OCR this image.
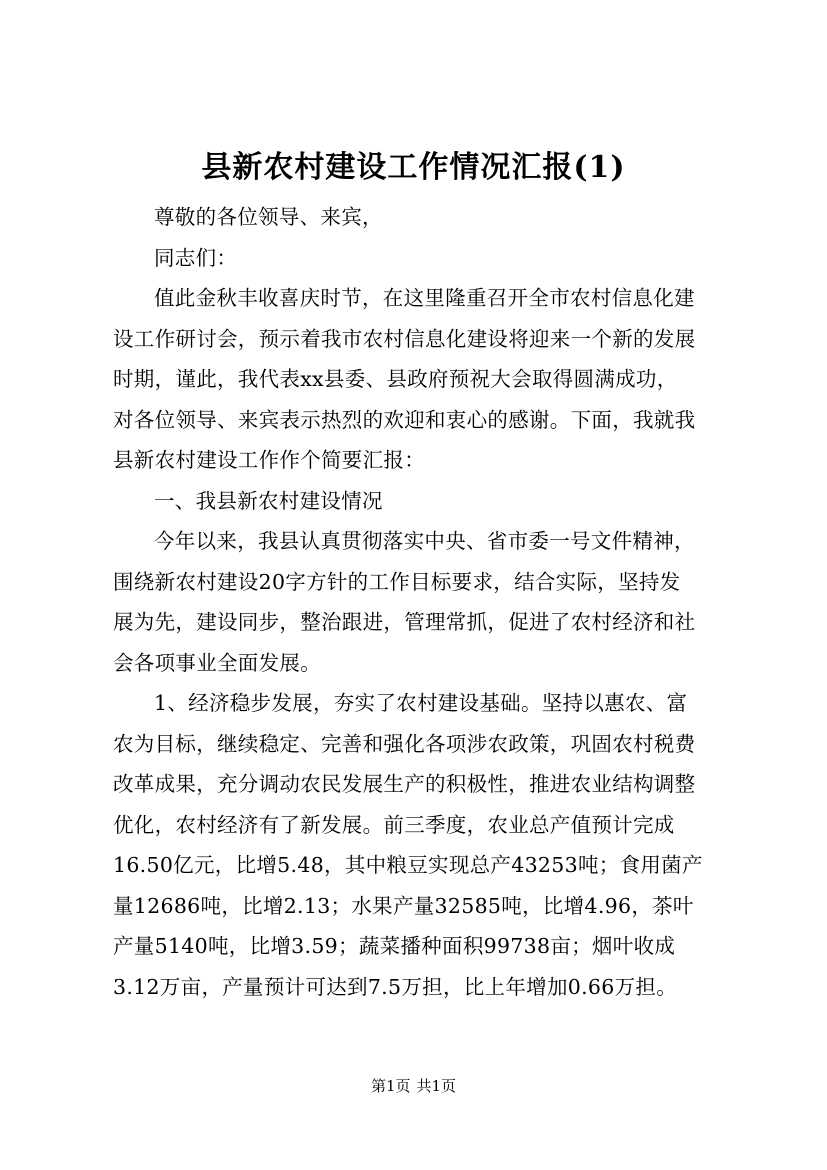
县新农村建设工作情况汇报(1)

尊敬的各位领导、来宾，

同志们：

值此金秋丰收喜庆时节，在这里隆重召开全市农村信息化建
设工作研讨会，预示着我市农村信息化建设将迎来一个新的发展
时期，谨此，我代表xx县委、县政府预祝大会取得圆满成功，
对各位领导、来宾表示热烈的欢迎和衷心的感谢。下面，我就我
县新农村建设工作作个简要汇报：

一、我县新农村建设情况

今年以来，我县认真贯彻落实中央、省市委一号文件精神，
围绕新农村建设20字方针的工作目标要求，结合实际，坚持发
展为先，建设同步，整治跟进，管理常抓，促进了农村经济和社
会各项事业全面发展。

1、经济稳步发展，夯实了农村建设基础。坚持以惠农、富
农为目标，继续稳定、完善和强化各项涉农政策，巩固农村税费
改革成果，充分调动农民发展生产的积极性，推进农业结构调整
优化，农村经济有了新发展。前三季度，农业总产值预计完成
16.50亿元，比增5.48，其中粮豆实现总产43253吨；食用菌产
量12686吨，比增2.13；水果产量32585吨，比增4.96，茶叶
产量5140吨，比增3.59；蔬菜播种面积99738亩；烟叶收成
3.12万亩，产量预计可达到7.5万担，比上年增加0.66万担。

第1页 共1页
